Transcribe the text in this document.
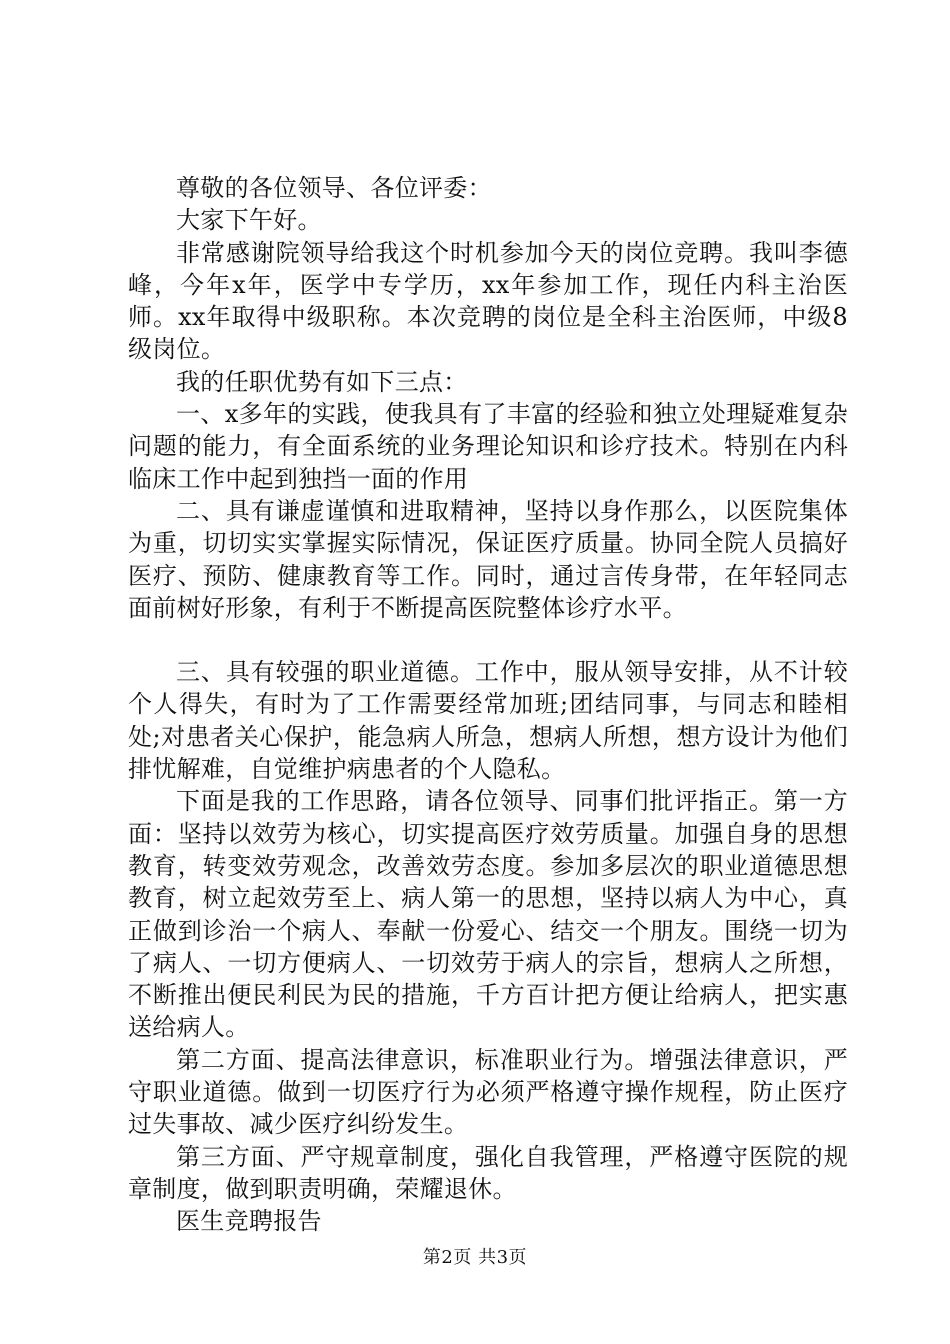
尊敬的各位领导、各位评委：

大家下午好。

非常感谢院领导给我这个时机参加今天的岗位竞聘。我叫李德峰，今年x年，医学中专学历，xx年参加工作，现任内科主治医师。xx年取得中级职称。本次竞聘的岗位是全科主治医师，中级8级岗位。

我的任职优势有如下三点：

一、x多年的实践，使我具有了丰富的经验和独立处理疑难复杂问题的能力，有全面系统的业务理论知识和诊疗技术。特别在内科临床工作中起到独挡一面的作用

二、具有谦虚谨慎和进取精神，坚持以身作那么，以医院集体为重，切切实实掌握实际情况，保证医疗质量。协同全院人员搞好医疗、预防、健康教育等工作。同时，通过言传身带，在年轻同志面前树好形象，有利于不断提高医院整体诊疗水平。

三、具有较强的职业道德。工作中，服从领导安排，从不计较个人得失，有时为了工作需要经常加班;团结同事，与同志和睦相处;对患者关心保护，能急病人所急，想病人所想，想方设计为他们排忧解难，自觉维护病患者的个人隐私。

下面是我的工作思路，请各位领导、同事们批评指正。第一方面：坚持以效劳为核心，切实提高医疗效劳质量。加强自身的思想教育，转变效劳观念，改善效劳态度。参加多层次的职业道德思想教育，树立起效劳至上、病人第一的思想，坚持以病人为中心，真正做到诊治一个病人、奉献一份爱心、结交一个朋友。围绕一切为了病人、一切方便病人、一切效劳于病人的宗旨，想病人之所想，不断推出便民利民为民的措施，千方百计把方便让给病人，把实惠送给病人。

第二方面、提高法律意识，标准职业行为。增强法律意识，严守职业道德。做到一切医疗行为必须严格遵守操作规程，防止医疗过失事故、减少医疗纠纷发生。

第三方面、严守规章制度，强化自我管理，严格遵守医院的规章制度，做到职责明确，荣耀退休。

医生竞聘报告

第2页 共3页
